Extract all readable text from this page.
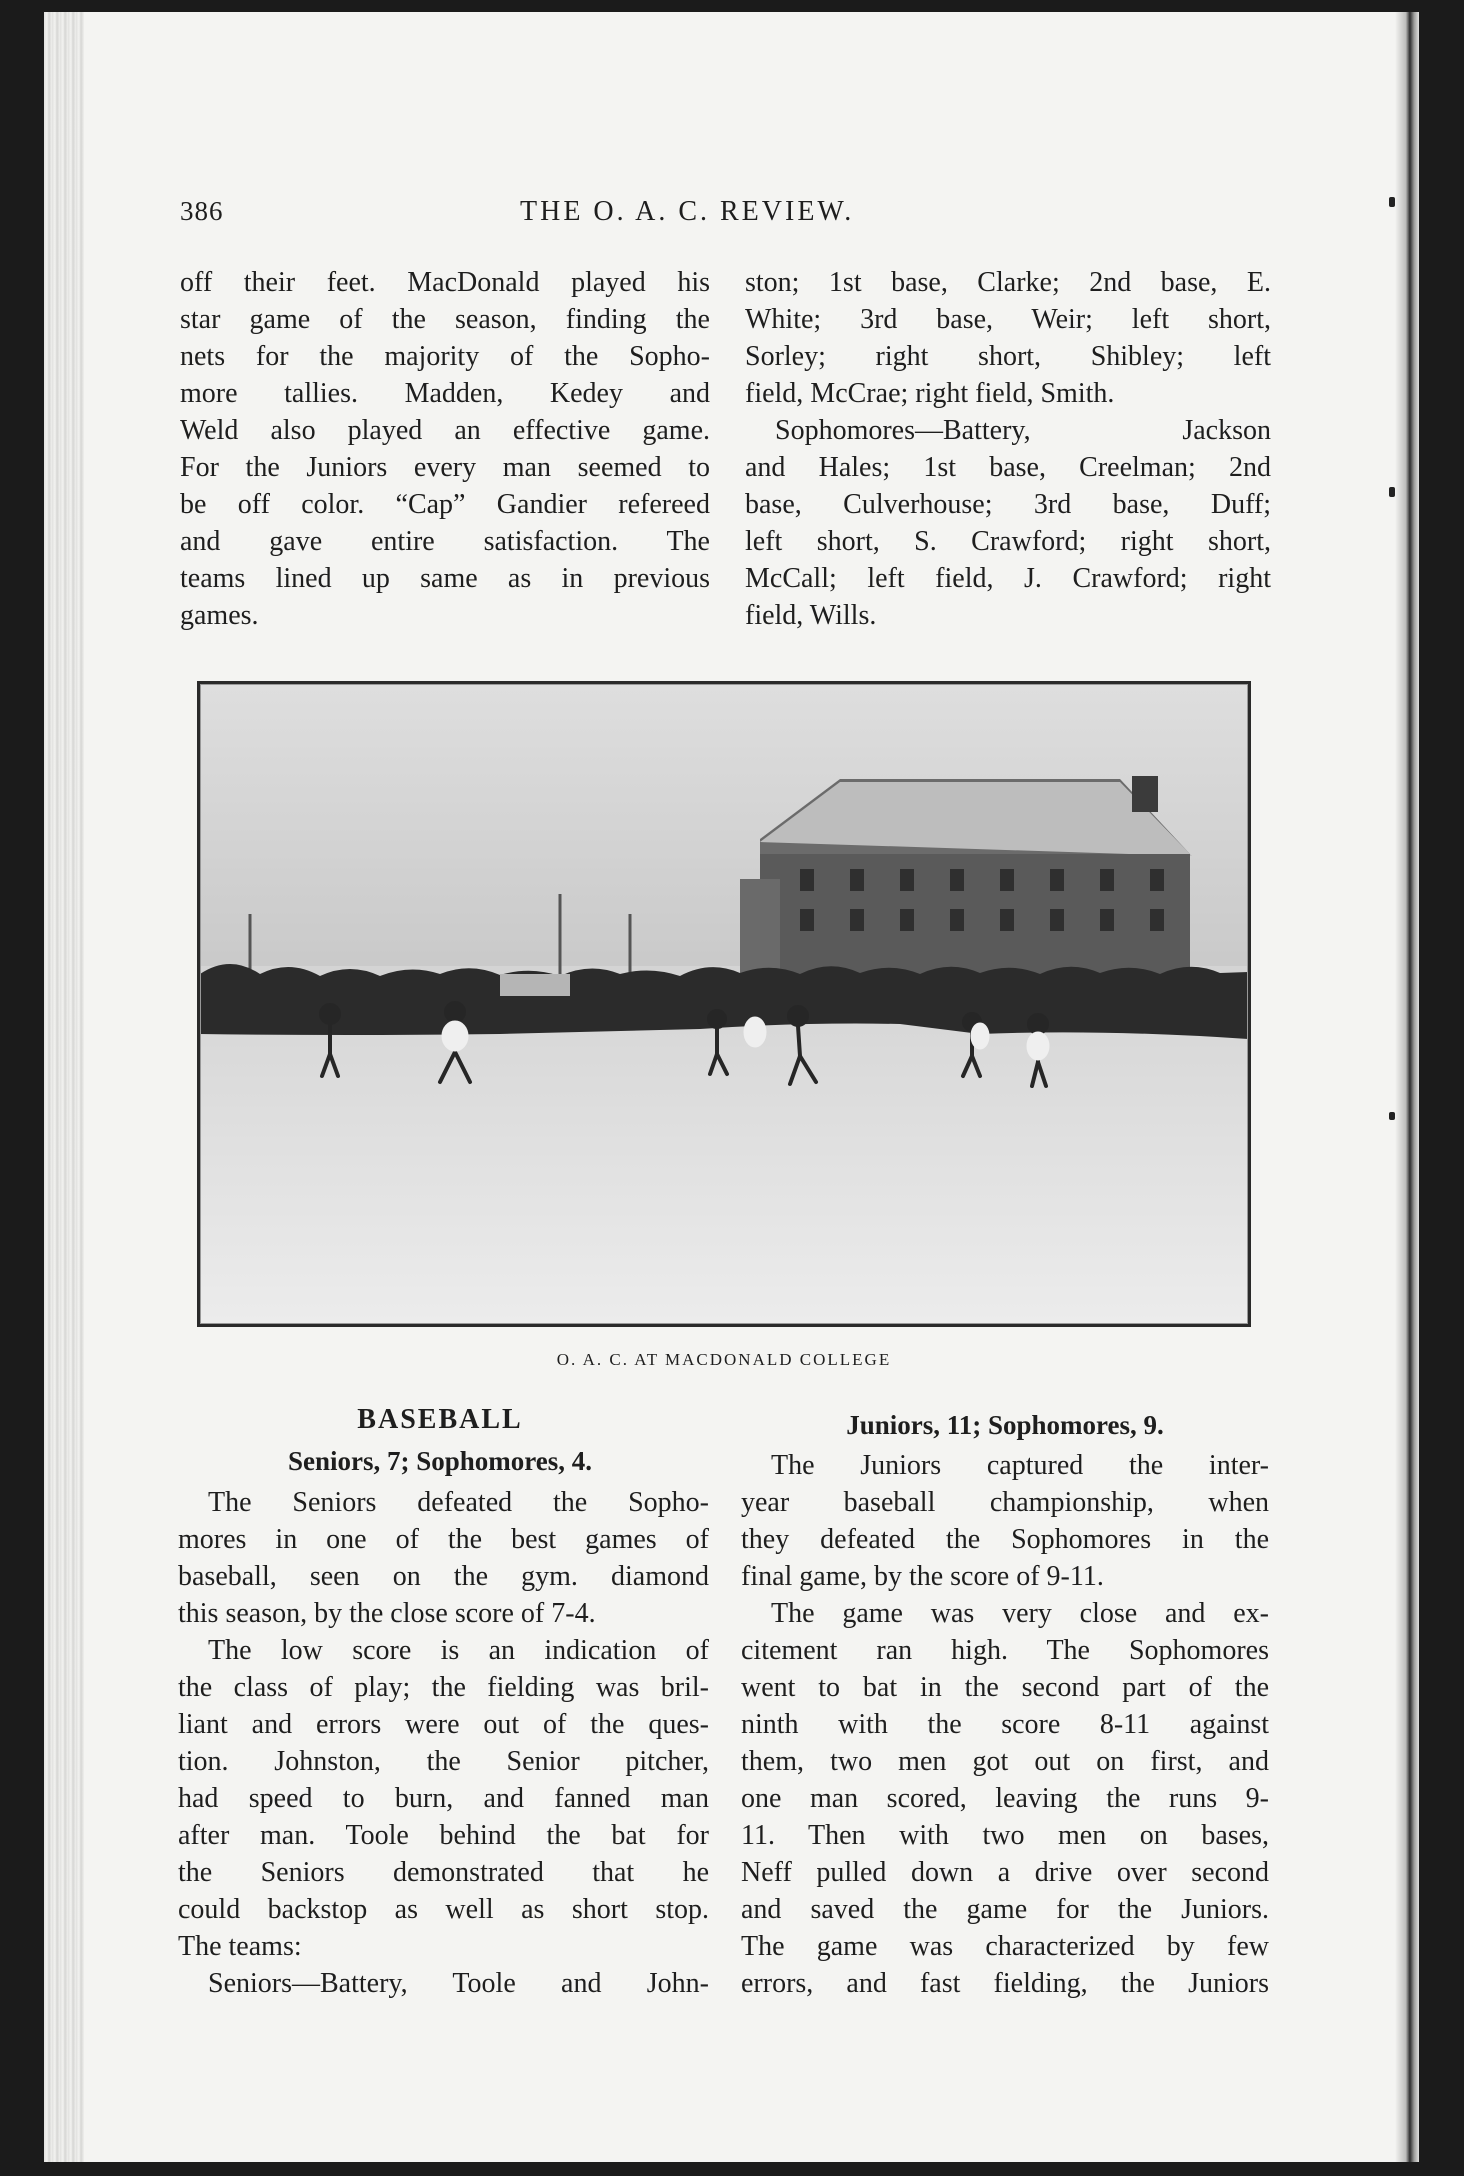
386	THE O. A. C. REVIEW.
off their feet. MacDonald played his
star game of the season, finding the
nets for the majority of the Sopho-
more tallies. Madden, Kedey and
Weld also played an effective game.
For the Juniors every man seemed to
be off color. “Cap” Gandier refereed
and gave entire satisfaction. The
teams lined up same as in previous
games.
ston; 1st base, Clarke; 2nd base, E.
White; 3rd base, Weir; left short,
Sorley; right short, Shibley; left
field, McCrae; right field, Smith.
Sophomores—Battery, Jackson
and Hales; 1st base, Creelman; 2nd
base, Culverhouse; 3rd base, Duff;
left short, S. Crawford; right short,
McCall; left field, J. Crawford; right
field, Wills.
O. A. C. AT MACDONALD COLLEGE
BASEBALL
Seniors, 7; Sophomores, 4.
The Seniors defeated the Sopho-
mores in one of the best games of
baseball, seen on the gym. diamond
this season, by the close score of 7-4.
The low score is an indication of
the class of play; the fielding was bril-
liant and errors were out of the ques-
tion. Johnston, the Senior pitcher,
had speed to burn, and fanned man
after man. Toole behind the bat for
the Seniors demonstrated that he
could backstop as well as short stop.
The teams:
Seniors—Battery, Toole and John-
Juniors, 11; Sophomores, 9.
The Juniors captured the inter-
year baseball championship, when
they defeated the Sophomores in the
final game, by the score of 9-11.
The game was very close and ex-
citement ran high. The Sophomores
went to bat in the second part of the
ninth with the score 8-11 against
them, two men got out on first, and
one man scored, leaving the runs 9-
11. Then with two men on bases,
Neff pulled down a drive over second
and saved the game for the Juniors.
The game was characterized by few
errors, and fast fielding, the Juniors
